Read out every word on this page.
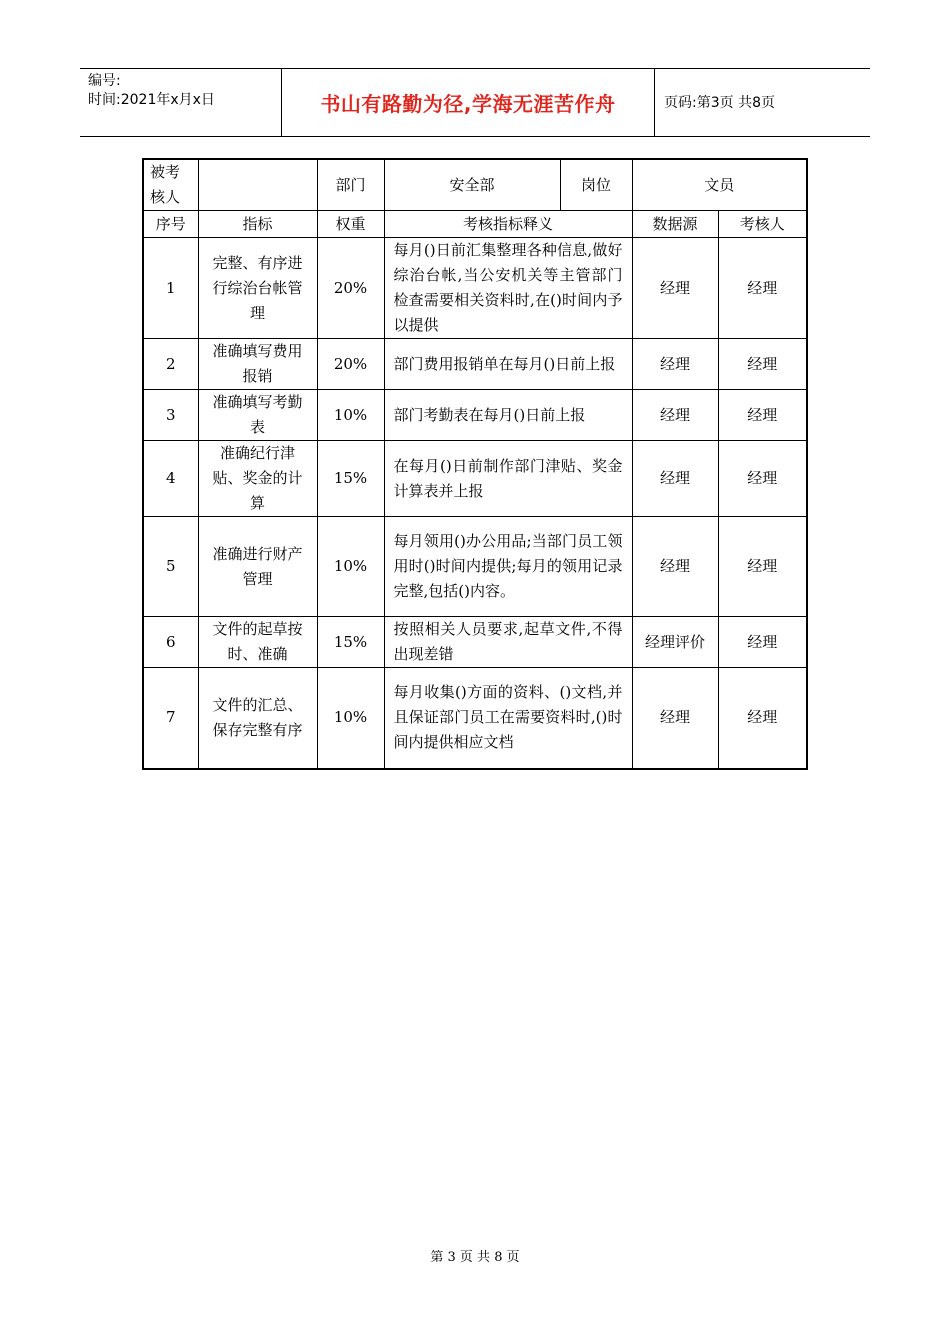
编号:
时间:2021年x月x日	书山有路勤为径,学海无涯苦作舟	页码:第3页 共8页
被考核人		部门	安全部	岗位	文员	
序号	指标	权重	考核指标释义		数据源	考核人
1	完整、有序进行综治台帐管理	20%	每月()日前汇集整理各种信息,做好综治台帐,当公安机关等主管部门检查需要相关资料时,在()时间内予以提供		经理	经理
2	准确填写费用报销	20%	部门费用报销单在每月()日前上报		经理	经理
3	准确填写考勤表	10%	部门考勤表在每月()日前上报		经理	经理
4	准确纪行津贴、奖金的计算	15%	在每月()日前制作部门津贴、奖金计算表并上报		经理	经理
5	准确进行财产管理	10%	每月领用()办公用品;当部门员工领用时()时间内提供;每月的领用记录完整,包括()内容。		经理	经理
6	文件的起草按时、准确	15%	按照相关人员要求,起草文件,不得出现差错		经理评价	经理
7	文件的汇总、保存完整有序	10%	每月收集()方面的资料、()文档,并且保证部门员工在需要资料时,()时间内提供相应文档		经理	经理
第 3 页 共 8 页
